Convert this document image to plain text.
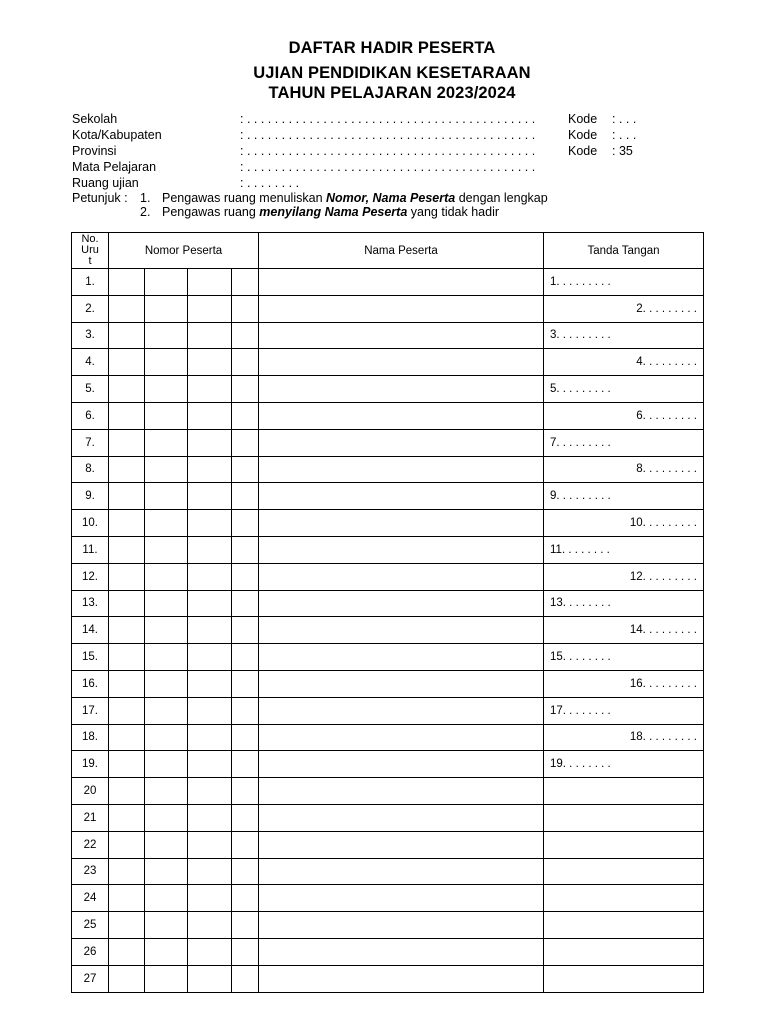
DAFTAR HADIR PESERTA
UJIAN PENDIDIKAN KESETARAAN
TAHUN PELAJARAN 2023/2024
Sekolah	: . . . . . . . . . . . . . . . . . . . . . . . . . . . . . . . . . . . . . . . . . .	Kode : . . .
Kota/Kabupaten	: . . . . . . . . . . . . . . . . . . . . . . . . . . . . . . . . . . . . . . . . . .	Kode : . . .
Provinsi	: . . . . . . . . . . . . . . . . . . . . . . . . . . . . . . . . . . . . . . . . . .	Kode : 35
Mata Pelajaran	: . . . . . . . . . . . . . . . . . . . . . . . . . . . . . . . . . . . . . . . . . .
Ruang ujian	: . . . . . . . .
Petunjuk : 1. Pengawas ruang menuliskan Nomor, Nama Peserta dengan lengkap
2. Pengawas ruang menyilang Nama Peserta yang tidak hadir
No.
Uru
t	Nomor Peserta				Nama Peserta	Tanda Tangan
1.						1. . . . . . . . .
2.						2. . . . . . . . .
3.						3. . . . . . . . .
4.						4. . . . . . . . .
5.						5. . . . . . . . .
6.						6. . . . . . . . .
7.						7. . . . . . . . .
8.						8. . . . . . . . .
9.						9. . . . . . . . .
10.						10. . . . . . . . .
11.						11. . . . . . . .
12.						12. . . . . . . . .
13.						13. . . . . . . .
14.						14. . . . . . . . .
15.						15. . . . . . . .
16.						16. . . . . . . . .
17.						17. . . . . . . .
18.						18. . . . . . . . .
19.						19. . . . . . . .
20						
21						
22						
23						
24						
25						
26						
27						
